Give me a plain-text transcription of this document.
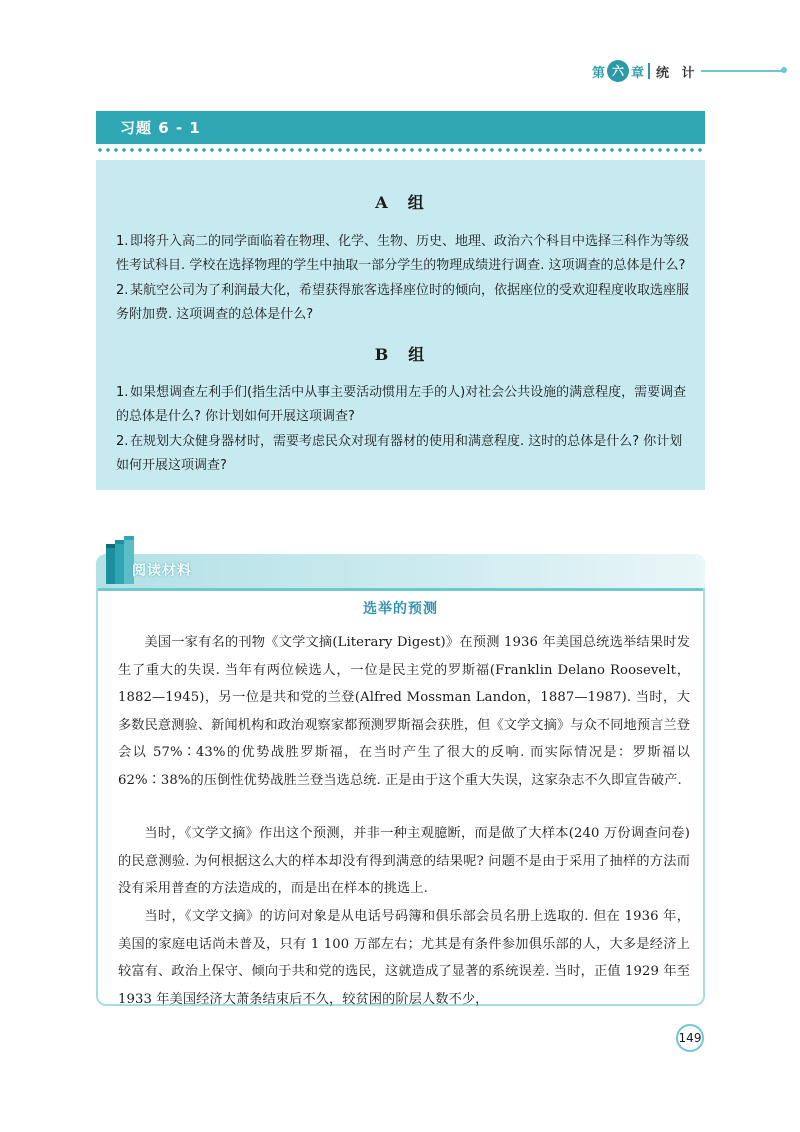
第 六 章 统 计
习题 6 - 1
A 组
1. 即将升入高二的同学面临着在物理、化学、生物、历史、地理、政治六个科目中选择三科作为等级性考试科目. 学校在选择物理的学生中抽取一部分学生的物理成绩进行调查. 这项调查的总体是什么?
2. 某航空公司为了利润最大化，希望获得旅客选择座位时的倾向，依据座位的受欢迎程度收取选座服务附加费. 这项调查的总体是什么?
B 组
1. 如果想调查左利手们(指生活中从事主要活动惯用左手的人)对社会公共设施的满意程度，需要调查的总体是什么? 你计划如何开展这项调查?
2. 在规划大众健身器材时，需要考虑民众对现有器材的使用和满意程度. 这时的总体是什么? 你计划如何开展这项调查?
阅读材料
选举的预测
美国一家有名的刊物《文学文摘(Literary Digest)》在预测 1936 年美国总统选举结果时发生了重大的失误. 当年有两位候选人，一位是民主党的罗斯福(Franklin Delano Roosevelt，1882—1945)，另一位是共和党的兰登(Alfred Mossman Landon，1887—1987). 当时，大多数民意测验、新闻机构和政治观察家都预测罗斯福会获胜，但《文学文摘》与众不同地预言兰登会以 57%∶43%的优势战胜罗斯福，在当时产生了很大的反响. 而实际情况是：罗斯福以 62%∶38%的压倒性优势战胜兰登当选总统. 正是由于这个重大失误，这家杂志不久即宣告破产.
当时，《文学文摘》作出这个预测，并非一种主观臆断，而是做了大样本(240 万份调查问卷)的民意测验. 为何根据这么大的样本却没有得到满意的结果呢? 问题不是由于采用了抽样的方法而没有采用普查的方法造成的，而是出在样本的挑选上.
当时，《文学文摘》的访问对象是从电话号码簿和俱乐部会员名册上选取的. 但在 1936 年，美国的家庭电话尚未普及，只有 1 100 万部左右；尤其是有条件参加俱乐部的人，大多是经济上较富有、政治上保守、倾向于共和党的选民，这就造成了显著的系统误差. 当时，正值 1929 年至 1933 年美国经济大萧条结束后不久，较贫困的阶层人数不少，
149
